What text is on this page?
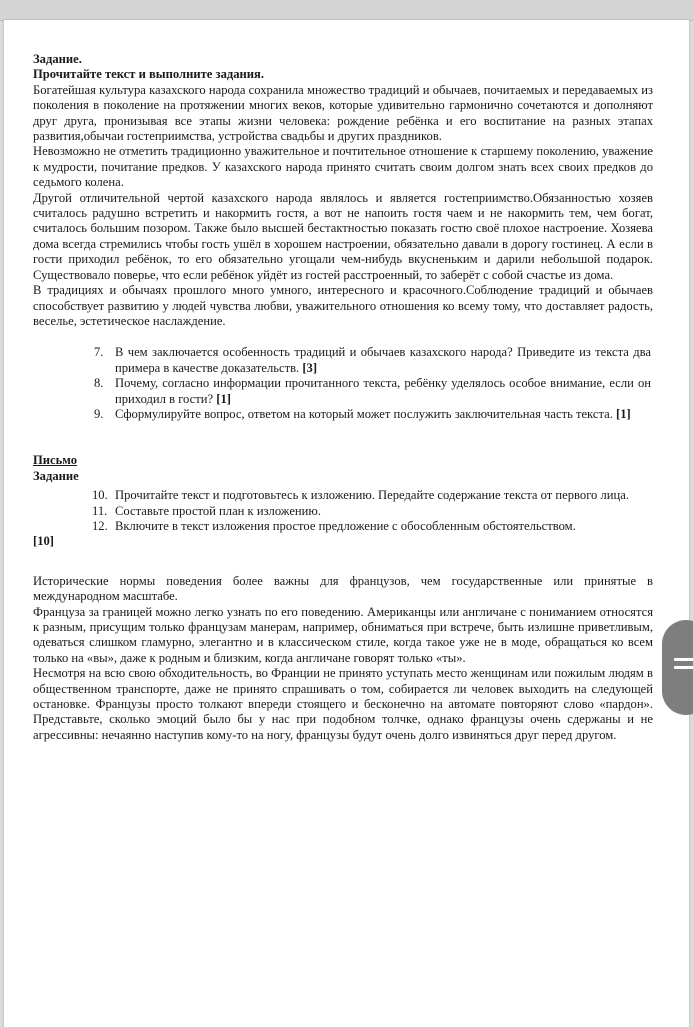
Задание.
Прочитайте текст и выполните задания.

Богатейшая культура казахского народа сохранила множество традиций и обычаев, почитаемых и передаваемых из поколения в поколение на протяжении многих веков, которые удивительно гармонично сочетаются и дополняют друг друга, пронизывая все этапы жизни человека: рождение ребёнка и его воспитание на разных этапах развития,обычаи гостеприимства, устройства свадьбы и других праздников.

Невозможно не отметить традиционно уважительное и почтительное отношение к старшему поколению, уважение к мудрости, почитание предков. У казахского народа принято считать своим долгом знать всех своих предков до седьмого колена.

Другой отличительной чертой казахского народа являлось и является гостеприимство.Обязанностью хозяев считалось радушно встретить и накормить гостя, а вот не напоить гостя чаем и не накормить тем, чем богат, считалось большим позором. Также было высшей бестактностью показать гостю своё плохое настроение. Хозяева дома всегда стремились чтобы гость ушёл в хорошем настроении, обязательно давали в дорогу гостинец. А если в гости приходил ребёнок, то его обязательно угощали чем-нибудь вкусненьким и дарили небольшой подарок. Существовало поверье, что если ребёнок уйдёт из гостей расстроенный, то заберёт с собой счастье из дома.

В традициях и обычаях прошлого много умного, интересного и красочного.Соблюдение традиций и обычаев способствует развитию у людей чувства любви, уважительного отношения ко всему тому, что доставляет радость, веселье, эстетическое наслаждение.

7. В чем заключается особенность традиций и обычаев казахского народа? Приведите из текста два примера в качестве доказательств. [3]
8. Почему, согласно информации прочитанного текста, ребёнку уделялось особое внимание, если он приходил в гости? [1]
9. Сформулируйте вопрос, ответом на который может послужить заключительная часть текста. [1]
Письмо
Задание
10. Прочитайте текст и подготовьтесь к изложению. Передайте содержание текста от первого лица.
11. Составьте простой план к изложению.
12. Включите в текст изложения простое предложение с обособленным обстоятельством.
[10]

Исторические нормы поведения более важны для французов, чем государственные или принятые в международном масштабе.

Француза за границей можно легко узнать по его поведению. Американцы или англичане с пониманием относятся к разным, присущим только французам манерам, например, обниматься при встрече, быть излишне приветливым, одеваться слишком гламурно, элегантно и в классическом стиле, когда такое уже не в моде, обращаться ко всем только на «вы», даже к родным и близким, когда англичане говорят только «ты».

Несмотря на всю свою обходительность, во Франции не принято уступать место женщинам или пожилым людям в общественном транспорте, даже не принято спрашивать о том, собирается ли человек выходить на следующей остановке. Французы просто толкают впереди стоящего и бесконечно на автомате повторяют слово «пардон». Представьте, сколько эмоций было бы у нас при подобном толчке, однако французы очень сдержаны и не агрессивны: нечаянно наступив кому-то на ногу, французы будут очень долго извиняться друг перед другом.
